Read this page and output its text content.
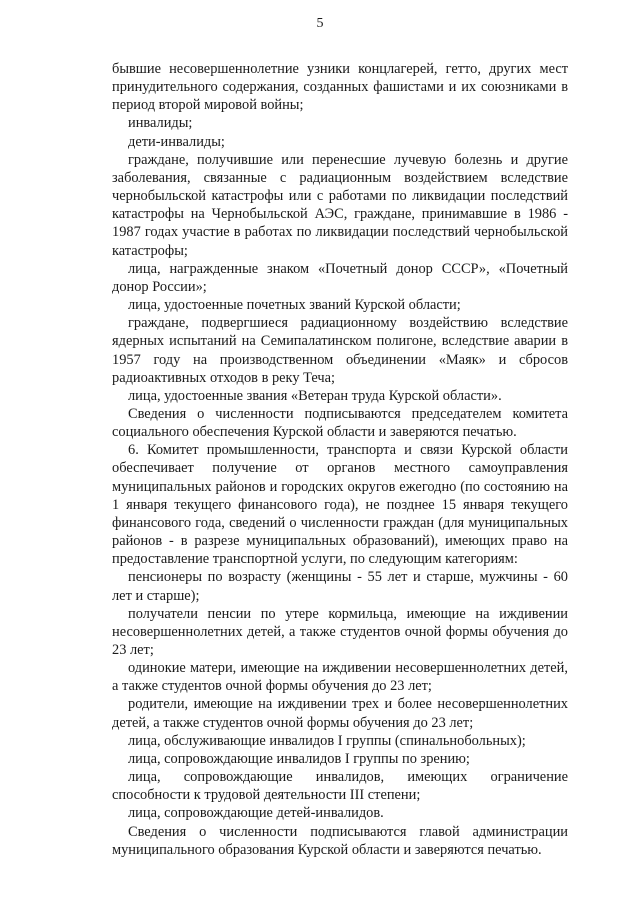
5

бывшие несовершеннолетние узники концлагерей, гетто, других мест принудительного содержания, созданных фашистами и их союзниками в период второй мировой войны;

инвалиды;

дети-инвалиды;

граждане, получившие или перенесшие лучевую болезнь и другие заболевания, связанные с радиационным воздействием вследствие чернобыльской катастрофы или с работами по ликвидации последствий катастрофы на Чернобыльской АЭС, граждане, принимавшие в 1986 - 1987 годах участие в работах по ликвидации последствий чернобыльской катастрофы;

лица, награжденные знаком «Почетный донор СССР», «Почетный донор России»;

лица, удостоенные почетных званий Курской области;

граждане, подвергшиеся радиационному воздействию вследствие ядерных испытаний на Семипалатинском полигоне, вследствие аварии в 1957 году на производственном объединении «Маяк» и сбросов радиоактивных отходов в реку Теча;

лица, удостоенные звания «Ветеран труда Курской области».

Сведения о численности подписываются председателем комитета социального обеспечения Курской области и заверяются печатью.

6. Комитет промышленности, транспорта и связи Курской области обеспечивает получение от органов местного самоуправления муниципальных районов и городских округов ежегодно (по состоянию на 1 января текущего финансового года), не позднее 15 января текущего финансового года, сведений о численности граждан (для муниципальных районов - в разрезе муниципальных образований), имеющих право на предоставление транспортной услуги, по следующим категориям:

пенсионеры по возрасту (женщины - 55 лет и старше, мужчины - 60 лет и старше);

получатели пенсии по утере кормильца, имеющие на иждивении несовершеннолетних детей, а также студентов очной формы обучения до 23 лет;

одинокие матери, имеющие на иждивении несовершеннолетних детей, а также студентов очной формы обучения до 23 лет;

родители, имеющие на иждивении трех и более несовершеннолетних детей, а также студентов очной формы обучения до 23 лет;

лица, обслуживающие инвалидов I группы (спинальнобольных);

лица, сопровождающие инвалидов I группы по зрению;

лица, сопровождающие инвалидов, имеющих ограничение способности к трудовой деятельности III степени;

лица, сопровождающие детей-инвалидов.

Сведения о численности подписываются главой администрации муниципального образования Курской области и заверяются печатью.
